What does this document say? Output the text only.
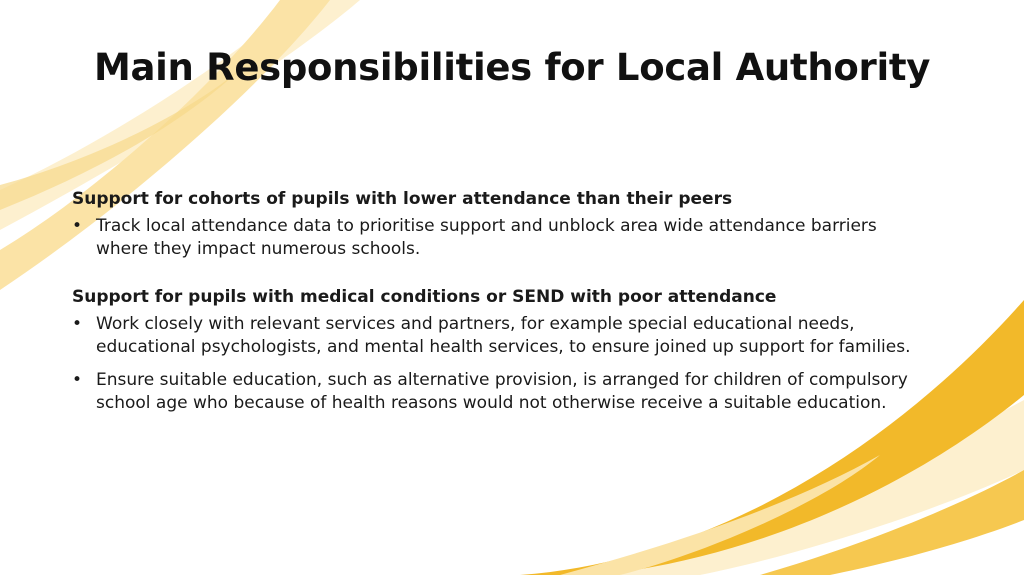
Main Responsibilities for Local Authority
Support for cohorts of pupils with lower attendance than their peers
• Track local attendance data to prioritise support and unblock area wide attendance barriers where they impact numerous schools.
Support for pupils with medical conditions or SEND with poor attendance
• Work closely with relevant services and partners, for example special educational needs, educational psychologists, and mental health services, to ensure joined up support for families.
• Ensure suitable education, such as alternative provision, is arranged for children of compulsory school age who because of health reasons would not otherwise receive a suitable education.
